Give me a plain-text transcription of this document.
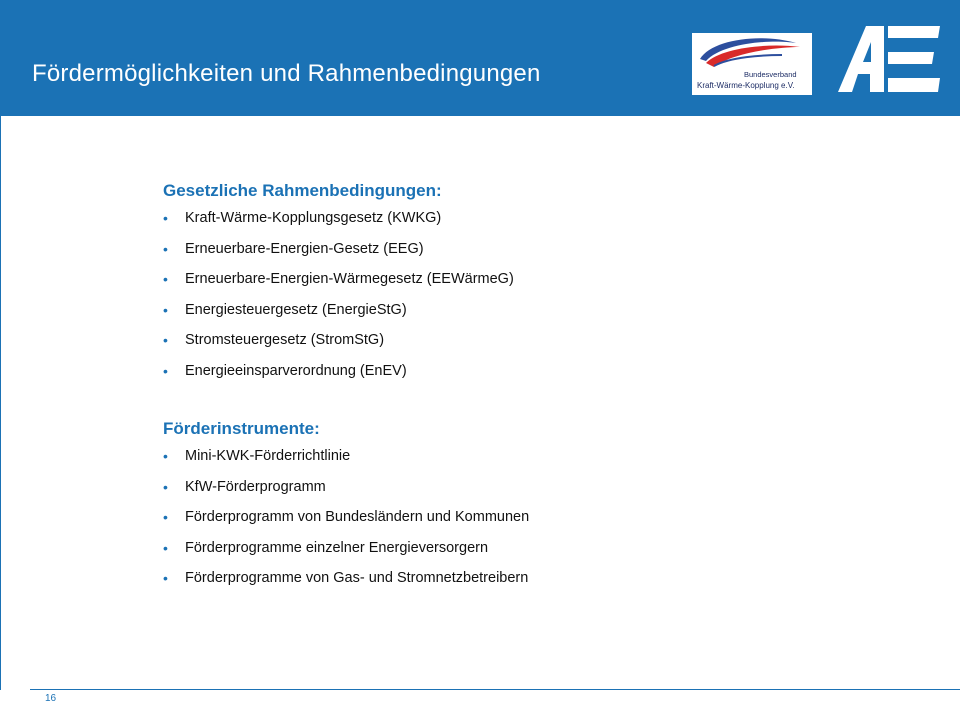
Fördermöglichkeiten und Rahmenbedingungen	Bundesverband
Kraft-Wärme-Kopplung e.V.
Gesetzliche Rahmenbedingungen:
• Kraft-Wärme-Kopplungsgesetz (KWKG)
• Erneuerbare-Energien-Gesetz (EEG)
• Erneuerbare-Energien-Wärmegesetz (EEWärmeG)
• Energiesteuergesetz (EnergieStG)
• Stromsteuergesetz (StromStG)
• Energieeinsparverordnung (EnEV)
Förderinstrumente:
• Mini-KWK-Förderrichtlinie
• KfW-Förderprogramm
• Förderprogramm von Bundesländern und Kommunen
• Förderprogramme einzelner Energieversorgern
• Förderprogramme von Gas- und Stromnetzbetreibern
16
